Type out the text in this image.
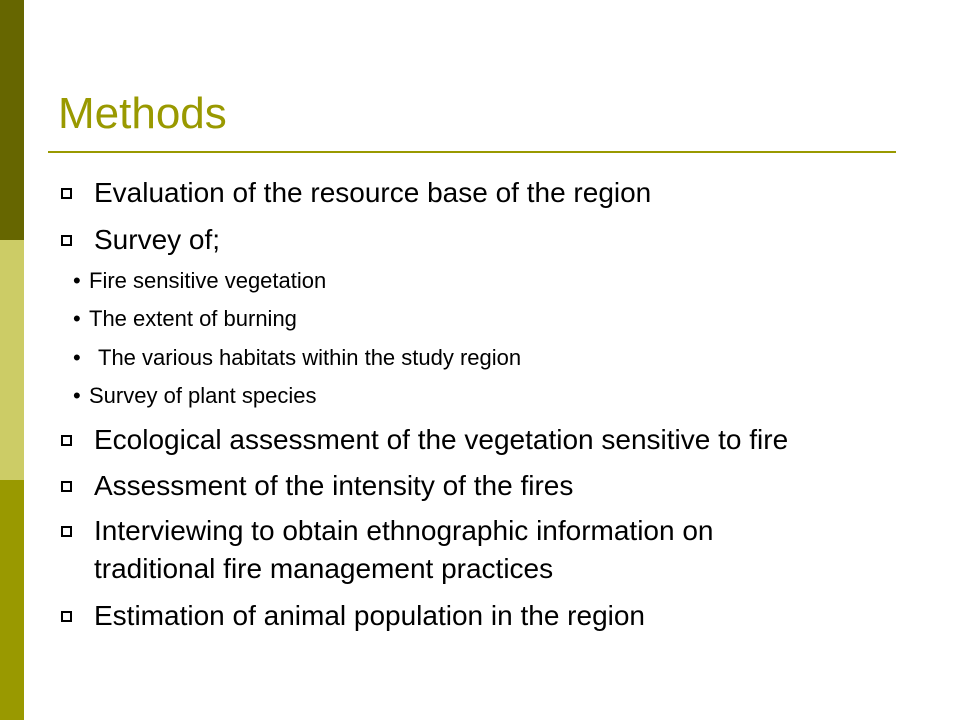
Methods
Evaluation of the resource base of the region
Survey of;
• Fire sensitive vegetation
• The extent of burning
• The various habitats within the study region
• Survey of plant species
Ecological assessment of the vegetation sensitive to fire
Assessment of the intensity of the fires
Interviewing to obtain ethnographic information on
traditional fire management practices
Estimation of animal population in the region
